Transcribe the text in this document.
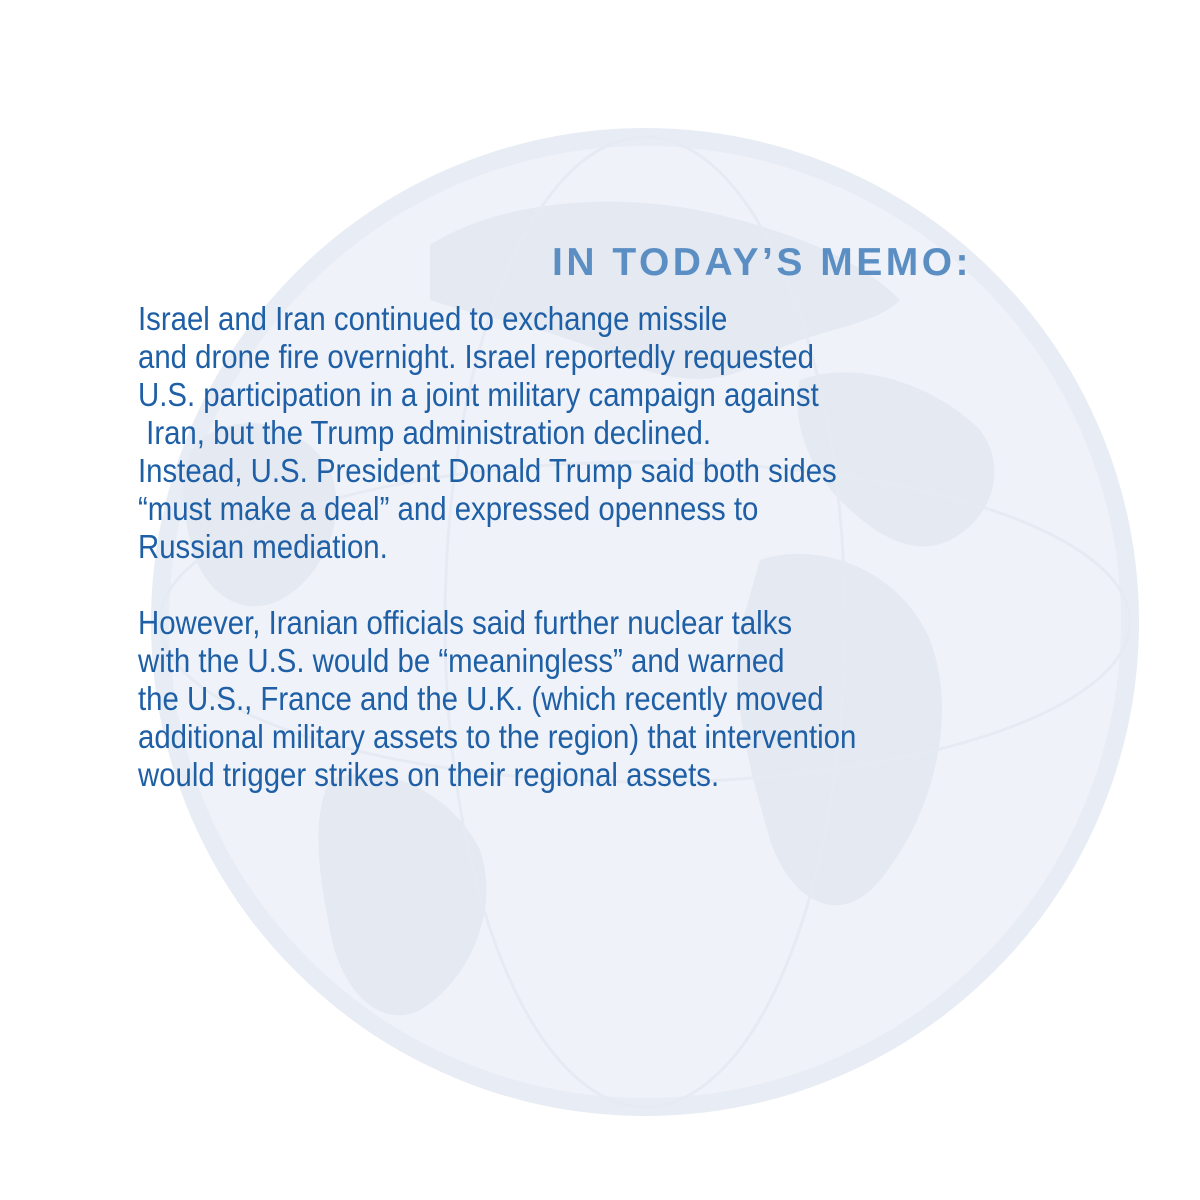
IN TODAY’S MEMO:
Israel and Iran continued to exchange missile
and drone fire overnight. Israel reportedly requested
U.S. participation in a joint military campaign against
Iran, but the Trump administration declined.
Instead, U.S. President Donald Trump said both sides
“must make a deal” and expressed openness to
Russian mediation.
However, Iranian officials said further nuclear talks
with the U.S. would be “meaningless” and warned
the U.S., France and the U.K. (which recently moved
additional military assets to the region) that intervention
would trigger strikes on their regional assets.
